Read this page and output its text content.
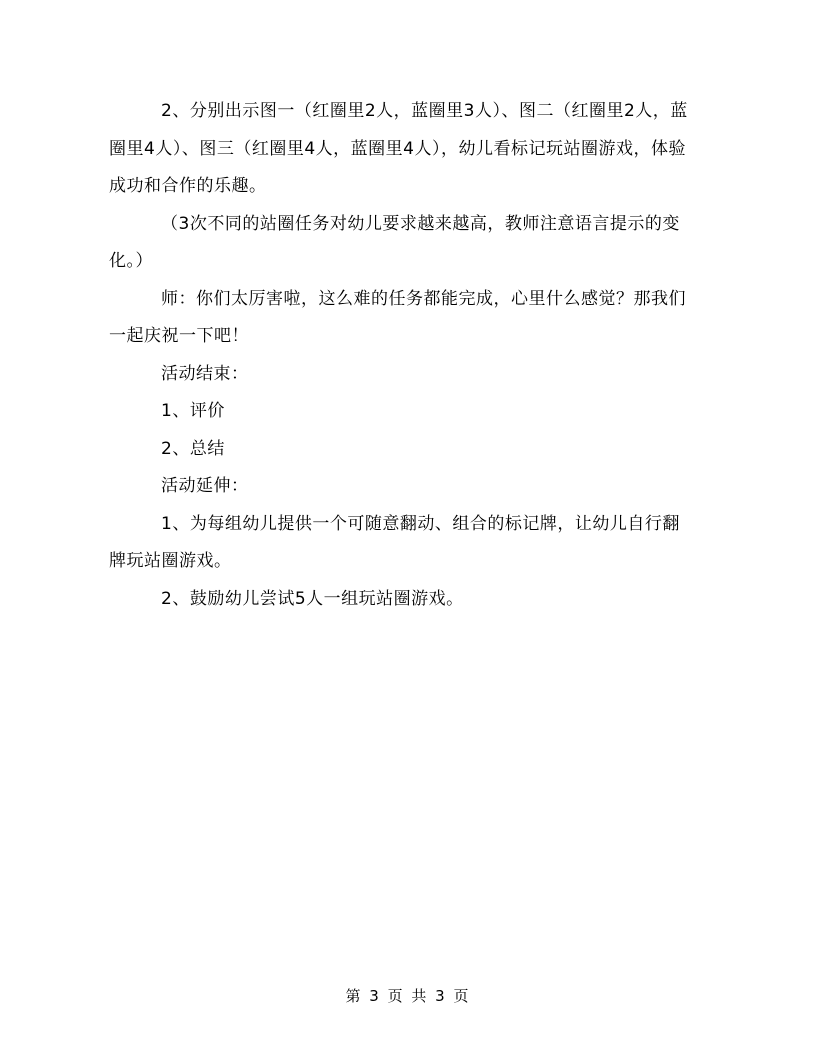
2、分别出示图一（红圈里2人，蓝圈里3人）、图二（红圈里2人，蓝圈里4人）、图三（红圈里4人，蓝圈里4人），幼儿看标记玩站圈游戏，体验成功和合作的乐趣。

（3次不同的站圈任务对幼儿要求越来越高，教师注意语言提示的变化。）

师：你们太厉害啦，这么难的任务都能完成，心里什么感觉？那我们一起庆祝一下吧！

活动结束：

1、评价

2、总结

活动延伸：

1、为每组幼儿提供一个可随意翻动、组合的标记牌，让幼儿自行翻牌玩站圈游戏。

2、鼓励幼儿尝试5人一组玩站圈游戏。

第 3 页 共 3 页
